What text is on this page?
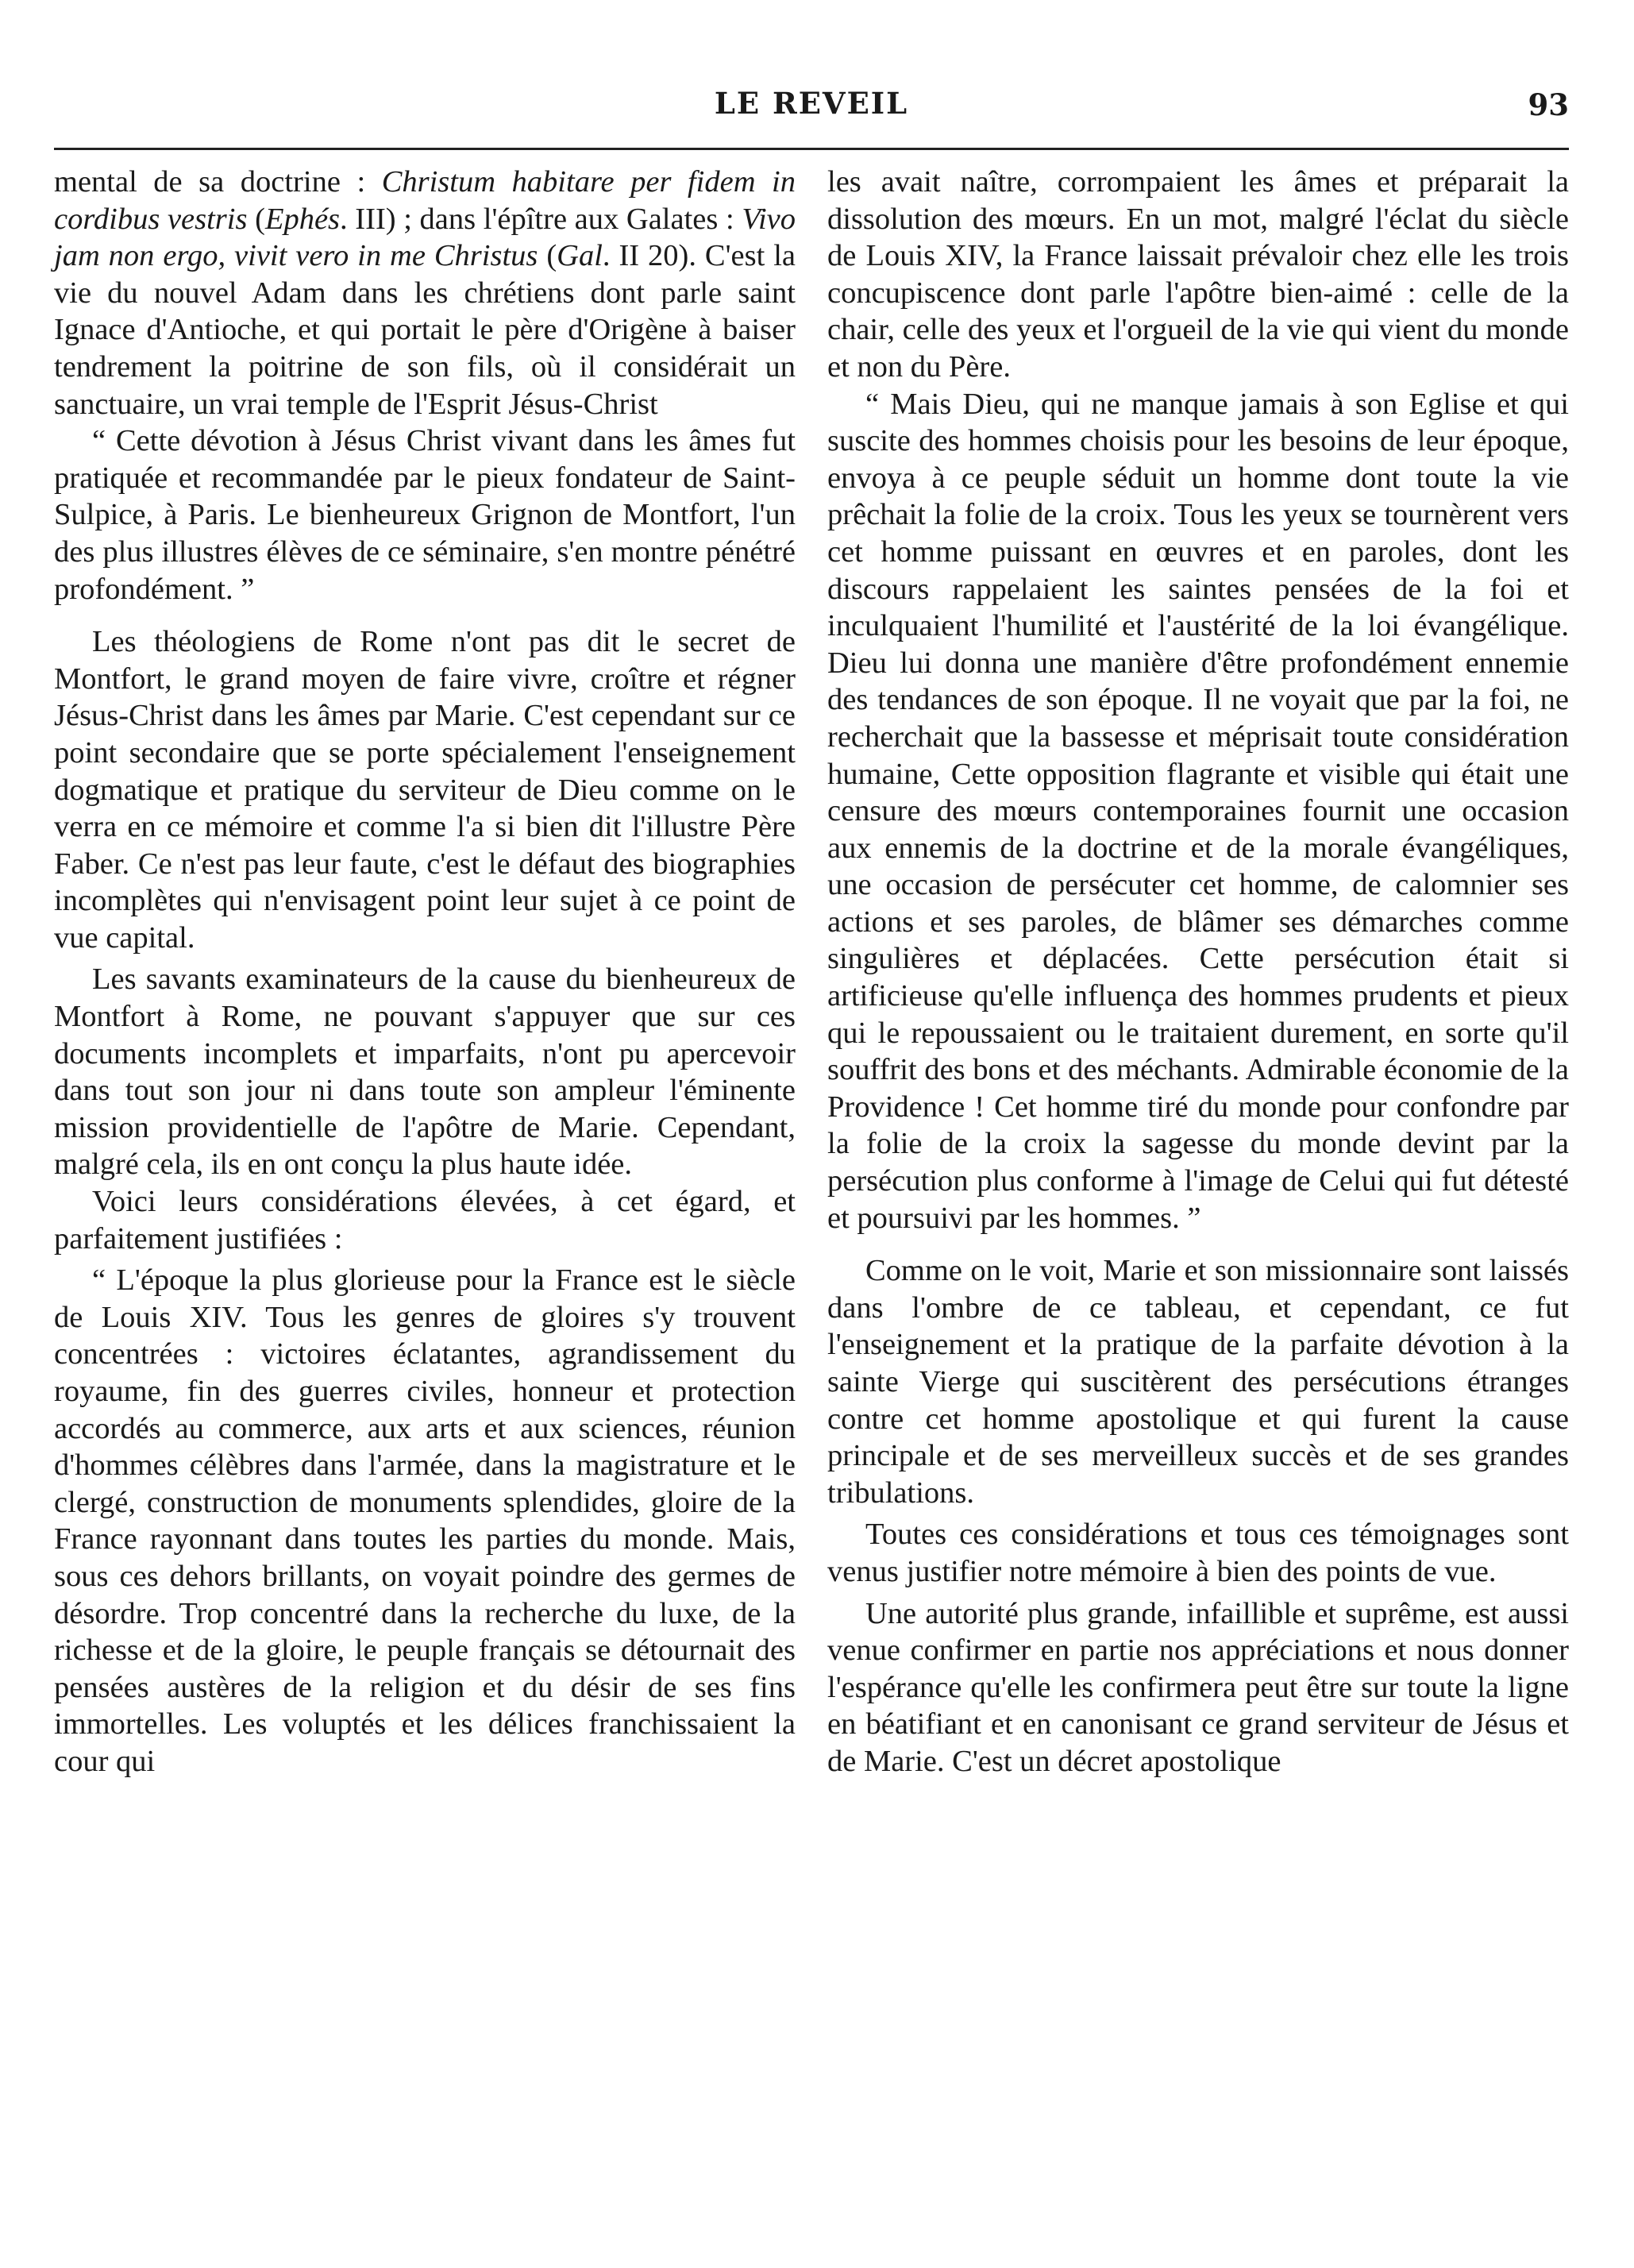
LE REVEIL	93

mental de sa doctrine : Christum habitare per fidem in cordibus vestris (Ephés. III) ; dans l'épître aux Galates : Vivo jam non ergo, vivit vero in me Christus (Gal. II 20). C'est la vie du nouvel Adam dans les chrétiens dont parle saint Ignace d'Antioche, et qui portait le père d'Origène à baiser tendrement la poitrine de son fils, où il considérait un sanctuaire, un vrai temple de l'Esprit Jésus-Christ

“ Cette dévotion à Jésus Christ vivant dans les âmes fut pratiquée et recommandée par le pieux fondateur de Saint-Sulpice, à Paris. Le bienheureux Grignon de Montfort, l'un des plus illustres élèves de ce séminaire, s'en montre pénétré profondément. ”

Les théologiens de Rome n'ont pas dit le secret de Montfort, le grand moyen de faire vivre, croître et régner Jésus-Christ dans les âmes par Marie. C'est cependant sur ce point secondaire que se porte spécialement l'enseignement dogmatique et pratique du serviteur de Dieu comme on le verra en ce mémoire et comme l'a si bien dit l'illustre Père Faber. Ce n'est pas leur faute, c'est le défaut des biographies incomplètes qui n'envisagent point leur sujet à ce point de vue capital.

Les savants examinateurs de la cause du bienheureux de Montfort à Rome, ne pouvant s'appuyer que sur ces documents incomplets et imparfaits, n'ont pu apercevoir dans tout son jour ni dans toute son ampleur l'éminente mission providentielle de l'apôtre de Marie. Cependant, malgré cela, ils en ont conçu la plus haute idée.

Voici leurs considérations élevées, à cet égard, et parfaitement justifiées :

“ L'époque la plus glorieuse pour la France est le siècle de Louis XIV. Tous les genres de gloires s'y trouvent concentrées : victoires éclatantes, agrandissement du royaume, fin des guerres civiles, honneur et protection accordés au commerce, aux arts et aux sciences, réunion d'hommes célèbres dans l'armée, dans la magistrature et le clergé, construction de monuments splendides, gloire de la France rayonnant dans toutes les parties du monde. Mais, sous ces dehors brillants, on voyait poindre des germes de désordre. Trop concentré dans la recherche du luxe, de la richesse et de la gloire, le peuple français se détournait des pensées austères de la religion et du désir de ses fins immortelles. Les voluptés et les délices franchissaient la cour qui

les avait naître, corrompaient les âmes et préparait la dissolution des mœurs. En un mot, malgré l'éclat du siècle de Louis XIV, la France laissait prévaloir chez elle les trois concupiscence dont parle l'apôtre bien-aimé : celle de la chair, celle des yeux et l'orgueil de la vie qui vient du monde et non du Père.

“ Mais Dieu, qui ne manque jamais à son Eglise et qui suscite des hommes choisis pour les besoins de leur époque, envoya à ce peuple séduit un homme dont toute la vie prêchait la folie de la croix. Tous les yeux se tournèrent vers cet homme puissant en œuvres et en paroles, dont les discours rappelaient les saintes pensées de la foi et inculquaient l'humilité et l'austérité de la loi évangélique. Dieu lui donna une manière d'être profondément ennemie des tendances de son époque. Il ne voyait que par la foi, ne recherchait que la bassesse et méprisait toute considération humaine, Cette opposition flagrante et visible qui était une censure des mœurs contemporaines fournit une occasion aux ennemis de la doctrine et de la morale évangéliques, une occasion de persécuter cet homme, de calomnier ses actions et ses paroles, de blâmer ses démarches comme singulières et déplacées. Cette persécution était si artificieuse qu'elle influença des hommes prudents et pieux qui le repoussaient ou le traitaient durement, en sorte qu'il souffrit des bons et des méchants. Admirable économie de la Providence ! Cet homme tiré du monde pour confondre par la folie de la croix la sagesse du monde devint par la persécution plus conforme à l'image de Celui qui fut détesté et poursuivi par les hommes. ”

Comme on le voit, Marie et son missionnaire sont laissés dans l'ombre de ce tableau, et cependant, ce fut l'enseignement et la pratique de la parfaite dévotion à la sainte Vierge qui suscitèrent des persécutions étranges contre cet homme apostolique et qui furent la cause principale et de ses merveilleux succès et de ses grandes tribulations.

Toutes ces considérations et tous ces témoignages sont venus justifier notre mémoire à bien des points de vue.

Une autorité plus grande, infaillible et suprême, est aussi venue confirmer en partie nos appréciations et nous donner l'espérance qu'elle les confirmera peut être sur toute la ligne en béatifiant et en canonisant ce grand serviteur de Jésus et de Marie. C'est un décret apostolique
